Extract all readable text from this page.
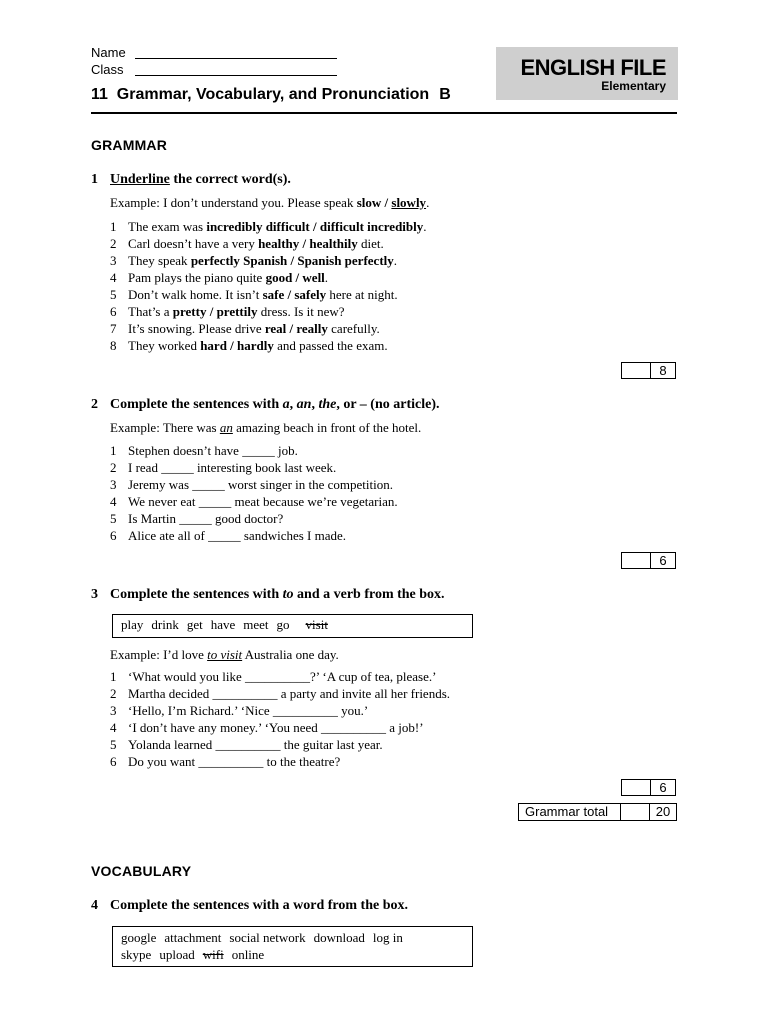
Name
Class	ENGLISH FILE
Elementary
11  Grammar, Vocabulary, and Pronunciation B
GRAMMAR
1 Underline the correct word(s).
Example: I don’t understand you. Please speak slow / slowly.
1 The exam was incredibly difficult / difficult incredibly.
2 Carl doesn’t have a very healthy / healthily diet.
3 They speak perfectly Spanish / Spanish perfectly.
4 Pam plays the piano quite good / well.
5 Don’t walk home. It isn’t safe / safely here at night.
6 That’s a pretty / prettily dress. Is it new?
7 It’s snowing. Please drive real / really carefully.
8 They worked hard / hardly and passed the exam.
8
2 Complete the sentences with a, an, the, or – (no article).
Example: There was an amazing beach in front of the hotel.
1 Stephen doesn’t have _____ job.
2 I read _____ interesting book last week.
3 Jeremy was _____ worst singer in the competition.
4 We never eat _____ meat because we’re vegetarian.
5 Is Martin _____ good doctor?
6 Alice ate all of _____ sandwiches I made.
6
3 Complete the sentences with to and a verb from the box.
play drink get have meet go visit
Example: I’d love to visit Australia one day.
1 ‘What would you like __________?’ ‘A cup of tea, please.’
2 Martha decided __________ a party and invite all her friends.
3 ‘Hello, I’m Richard.’ ‘Nice __________ you.’
4 ‘I don’t have any money.’ ‘You need __________ a job!’
5 Yolanda learned __________ the guitar last year.
6 Do you want __________ to the theatre?
6
Grammar total	20
VOCABULARY
4 Complete the sentences with a word from the box.
google attachment social network download log in
skype upload wifi online
